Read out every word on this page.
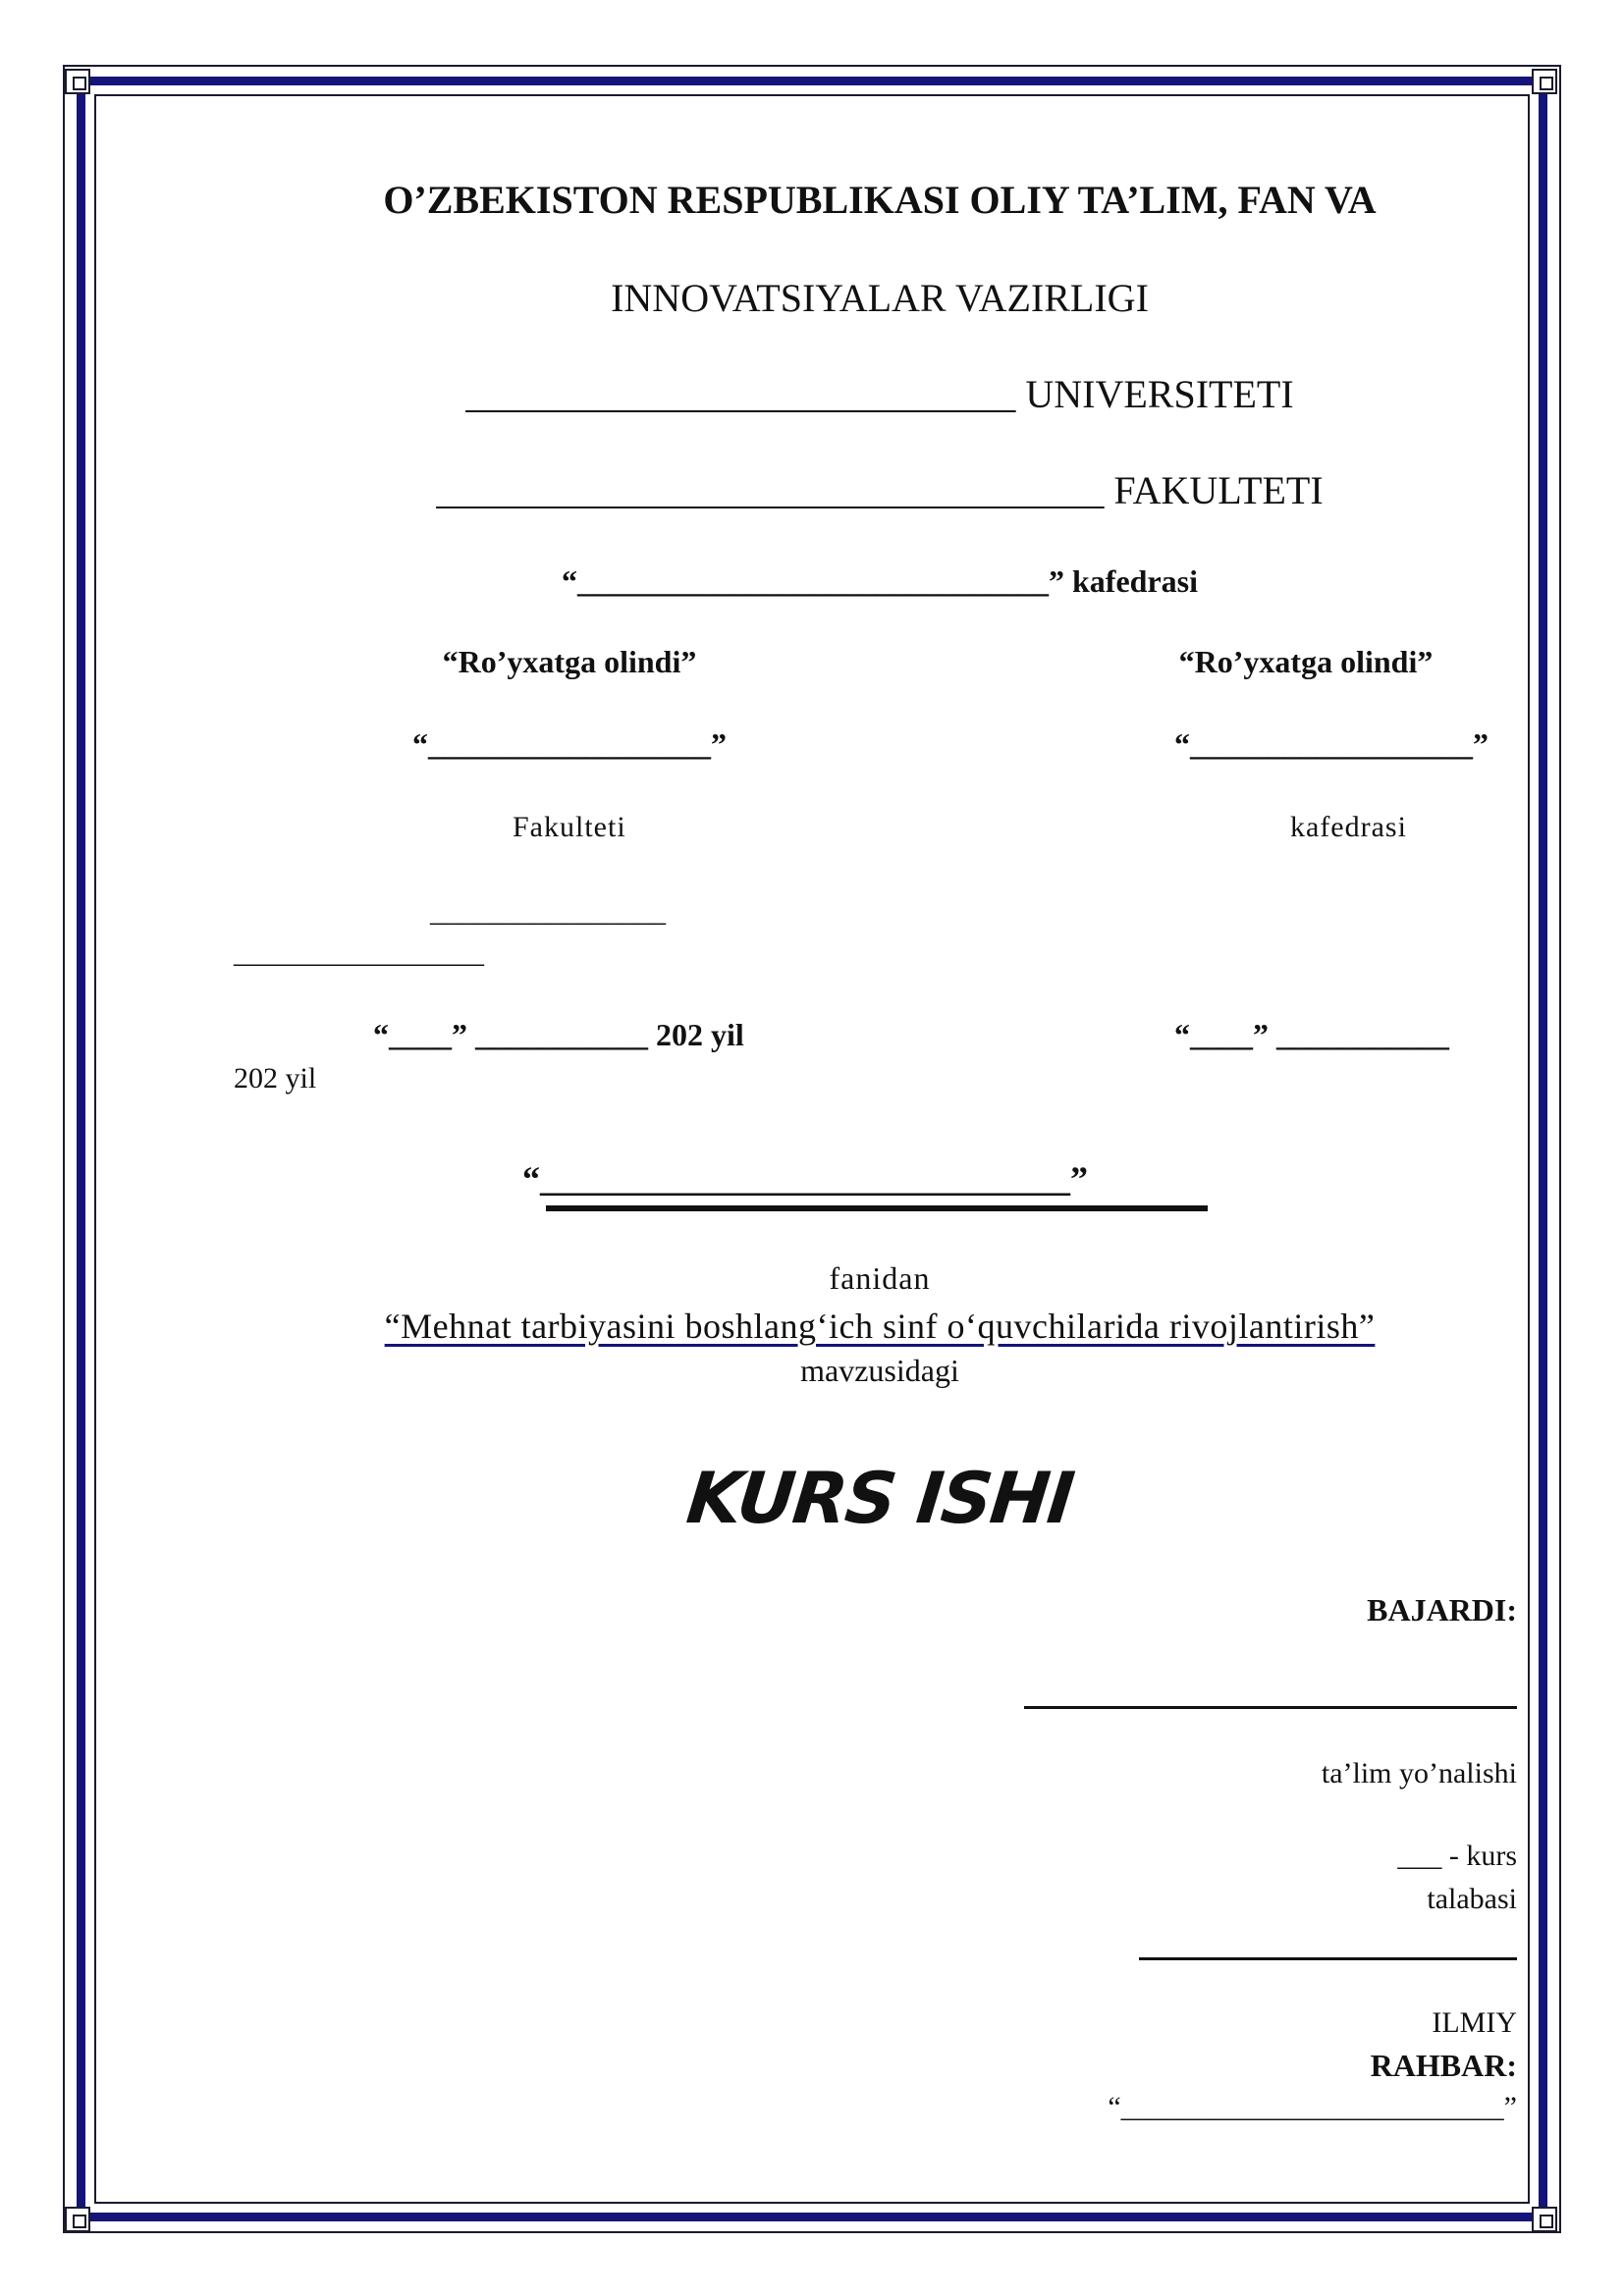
O’ZBEKISTON RESPUBLIKASI OLIY TA’LIM, FAN VA
INNOVATSIYALAR VAZIRLIGI
____________________________ UNIVERSITETI
__________________________________ FAKULTETI
“______________________________” kafedrasi
“Ro’yxatga olindi”	“Ro’yxatga olindi”
“__________________”	“__________________”
Fakulteti	kafedrasi
________________
_________________
“____” ___________ 202 yil	“____” ___________
202 yil
“______________________________”
fanidan
“Mehnat tarbiyasini boshlang‘ich sinf o‘quvchilarida rivojlantirish”
mavzusidagi
KURS ISHI
BAJARDI:
ta’lim yo’nalishi
___ - kurs
talabasi
ILMIY
RAHBAR:
“__________________________”
